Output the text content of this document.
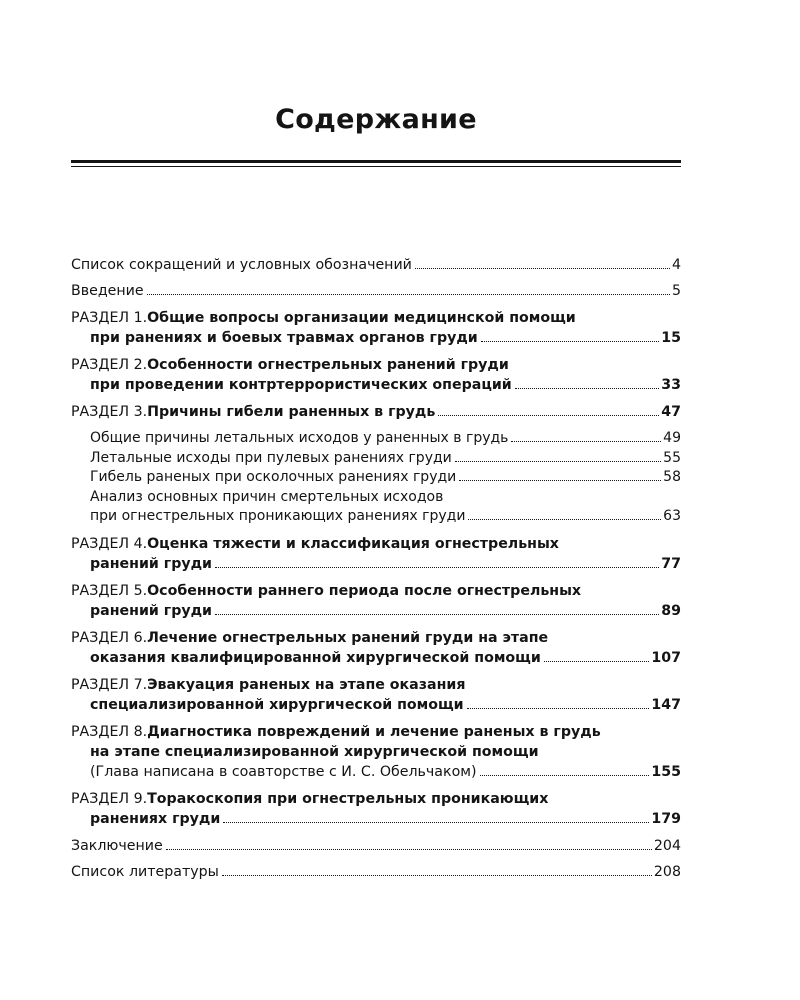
Содержание
Список сокращений и условных обозначений	4
Введение	5
РАЗДЕЛ 1. Общие вопросы организации медицинской помощи
при ранениях и боевых травмах органов груди	15
РАЗДЕЛ 2. Особенности огнестрельных ранений груди
при проведении контртеррористических операций	33
РАЗДЕЛ 3. Причины гибели раненных в грудь	47
Общие причины летальных исходов у раненных в грудь	49
Летальные исходы при пулевых ранениях груди	55
Гибель раненых при осколочных ранениях груди	58
Анализ основных причин смертельных исходов
при огнестрельных проникающих ранениях груди	63
РАЗДЕЛ 4. Оценка тяжести и классификация огнестрельных
ранений груди	77
РАЗДЕЛ 5. Особенности раннего периода после огнестрельных
ранений груди	89
РАЗДЕЛ 6. Лечение огнестрельных ранений груди на этапе
оказания квалифицированной хирургической помощи	107
РАЗДЕЛ 7. Эвакуация раненых на этапе оказания
специализированной хирургической помощи	147
РАЗДЕЛ 8. Диагностика повреждений и лечение раненых в грудь
на этапе специализированной хирургической помощи
(Глава написана в соавторстве с И. С. Обельчаком)	155
РАЗДЕЛ 9. Торакоскопия при огнестрельных проникающих
ранениях груди	179
Заключение	204
Список литературы	208
